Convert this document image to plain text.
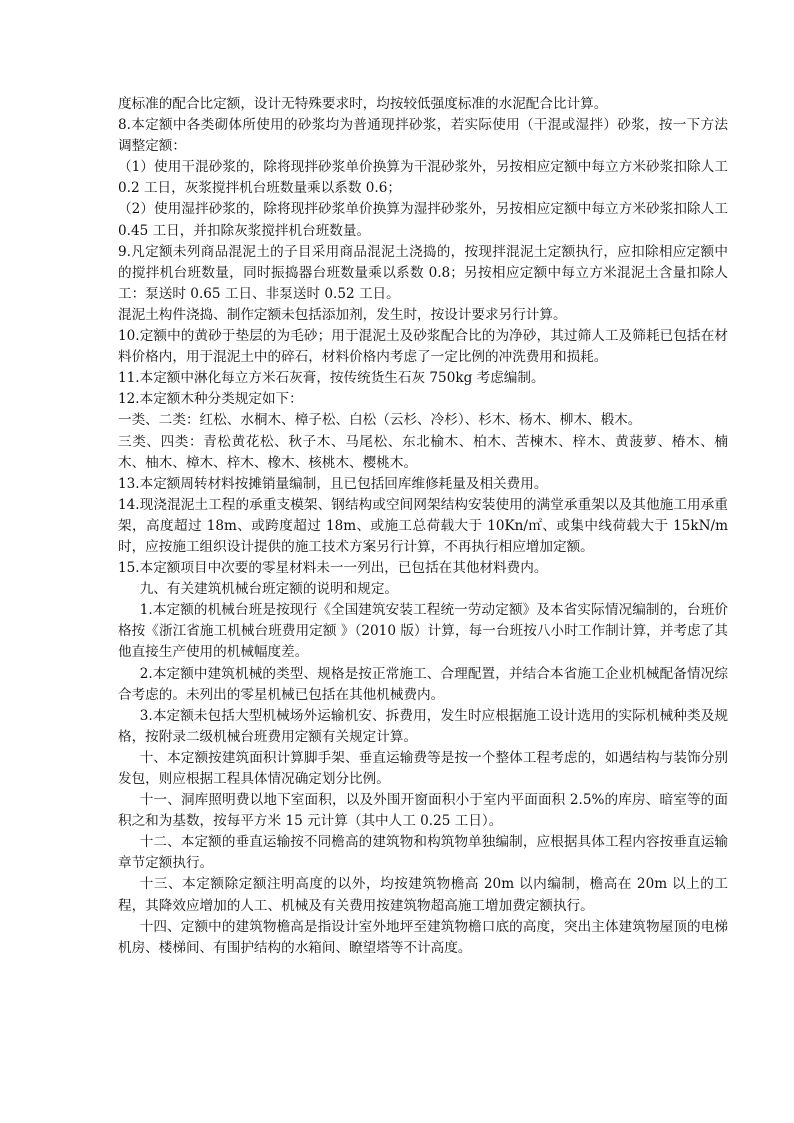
度标准的配合比定额，设计无特殊要求时，均按较低强度标准的水泥配合比计算。

8.本定额中各类砌体所使用的砂浆均为普通现拌砂浆，若实际使用（干混或湿拌）砂浆，按一下方法调整定额：

（1）使用干混砂浆的，除将现拌砂浆单价换算为干混砂浆外，另按相应定额中每立方米砂浆扣除人工 0.2 工日，灰浆搅拌机台班数量乘以系数 0.6；

（2）使用湿拌砂浆的，除将现拌砂浆单价换算为湿拌砂浆外，另按相应定额中每立方米砂浆扣除人工 0.45 工日，并扣除灰浆搅拌机台班数量。

9.凡定额未列商品混泥土的子目采用商品混泥土浇捣的，按现拌混泥土定额执行，应扣除相应定额中的搅拌机台班数量，同时振捣器台班数量乘以系数 0.8；另按相应定额中每立方米混泥土含量扣除人工：泵送时 0.65 工日、非泵送时 0.52 工日。

混泥土构件浇捣、制作定额未包括添加剂，发生时，按设计要求另行计算。

10.定额中的黄砂于垫层的为毛砂；用于混泥土及砂浆配合比的为净砂，其过筛人工及筛耗已包括在材料价格内，用于混泥土中的碎石，材料价格内考虑了一定比例的冲洗费用和损耗。

11.本定额中淋化每立方米石灰膏，按传统货生石灰 750kg 考虑编制。

12.本定额木种分类规定如下：

一类、二类：红松、水桐木、樟子松、白松（云杉、冷杉）、杉木、杨木、柳木、椴木。

三类、四类：青松黄花松、秋子木、马尾松、东北榆木、柏木、苦楝木、梓木、黄菠萝、椿木、楠木、柚木、樟木、梓木、橡木、核桃木、樱桃木。

13.本定额周转材料按摊销量编制，且已包括回库维修耗量及相关费用。

14.现浇混泥土工程的承重支模架、钢结构或空间网架结构安装使用的满堂承重架以及其他施工用承重架，高度超过 18m、或跨度超过 18m、或施工总荷载大于 10Kn/㎡、或集中线荷载大于 15kN/m 时，应按施工组织设计提供的施工技术方案另行计算，不再执行相应增加定额。

15.本定额项目中次要的零星材料未一一列出，已包括在其他材料费内。

九、有关建筑机械台班定额的说明和规定。

1.本定额的机械台班是按现行《全国建筑安装工程统一劳动定额》及本省实际情况编制的，台班价格按《浙江省施工机械台班费用定额 》（2010 版）计算，每一台班按八小时工作制计算，并考虑了其他直接生产使用的机械幅度差。

2.本定额中建筑机械的类型、规格是按正常施工、合理配置，并结合本省施工企业机械配备情况综合考虑的。未列出的零星机械已包括在其他机械费内。

3.本定额未包括大型机械场外运输机安、拆费用，发生时应根据施工设计选用的实际机械种类及规格，按附录二级机械台班费用定额有关规定计算。

十、本定额按建筑面积计算脚手架、垂直运输费等是按一个整体工程考虑的，如遇结构与装饰分别发包，则应根据工程具体情况确定划分比例。

十一、洞库照明费以地下室面积，以及外围开窗面积小于室内平面面积 2.5%的库房、暗室等的面积之和为基数，按每平方米 15 元计算（其中人工 0.25 工日）。

十二、本定额的垂直运输按不同檐高的建筑物和构筑物单独编制，应根据具体工程内容按垂直运输章节定额执行。

十三、本定额除定额注明高度的以外，均按建筑物檐高 20m 以内编制，檐高在 20m 以上的工程，其降效应增加的人工、机械及有关费用按建筑物超高施工增加费定额执行。

十四、定额中的建筑物檐高是指设计室外地坪至建筑物檐口底的高度，突出主体建筑物屋顶的电梯机房、楼梯间、有围护结构的水箱间、瞭望塔等不计高度。
